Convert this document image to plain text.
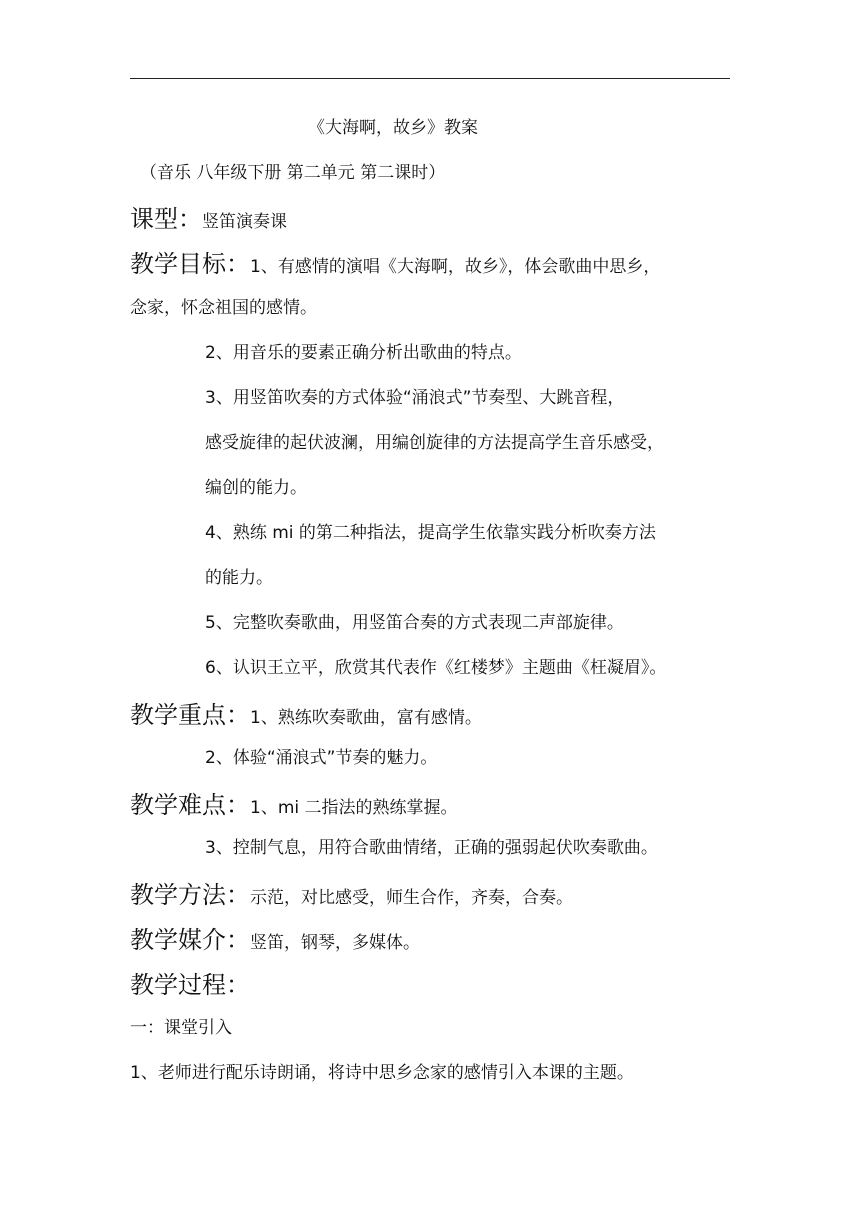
《大海啊，故乡》教案
（音乐 八年级下册 第二单元 第二课时）
课型：竖笛演奏课
教学目标：1、有感情的演唱《大海啊，故乡》，体会歌曲中思乡，
念家，怀念祖国的感情。
2、用音乐的要素正确分析出歌曲的特点。
3、用竖笛吹奏的方式体验“涌浪式”节奏型、大跳音程，
感受旋律的起伏波澜，用编创旋律的方法提高学生音乐感受，
编创的能力。
4、熟练 mi 的第二种指法，提高学生依靠实践分析吹奏方法
的能力。
5、完整吹奏歌曲，用竖笛合奏的方式表现二声部旋律。
6、认识王立平，欣赏其代表作《红楼梦》主题曲《枉凝眉》。
教学重点：1、熟练吹奏歌曲，富有感情。
2、体验“涌浪式”节奏的魅力。
教学难点：1、mi 二指法的熟练掌握。
3、控制气息，用符合歌曲情绪，正确的强弱起伏吹奏歌曲。
教学方法：示范，对比感受，师生合作，齐奏，合奏。
教学媒介：竖笛，钢琴，多媒体。
教学过程：
一：课堂引入
1、老师进行配乐诗朗诵，将诗中思乡念家的感情引入本课的主题。
